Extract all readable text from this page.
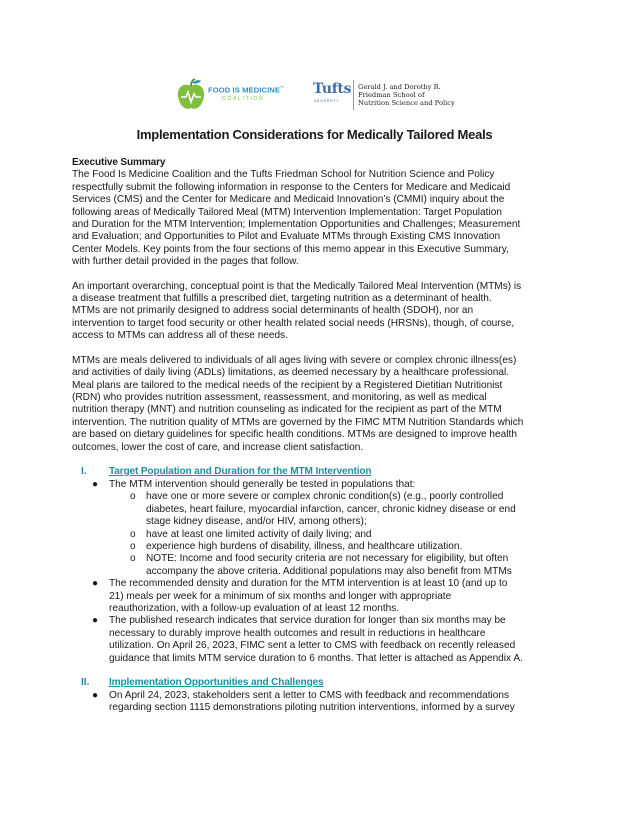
FOOD IS MEDICINE™
COALITION
Tufts
UNIVERSITY
Gerald J. and Dorothy R.
Friedman School of
Nutrition Science and Policy
Implementation Considerations for Medically Tailored Meals

Executive Summary

The Food Is Medicine Coalition and the Tufts Friedman School for Nutrition Science and Policy

respectfully submit the following information in response to the Centers for Medicare and Medicaid

Services (CMS) and the Center for Medicare and Medicaid Innovation’s (CMMI) inquiry about the

following areas of Medically Tailored Meal (MTM) Intervention Implementation: Target Population

and Duration for the MTM Intervention; Implementation Opportunities and Challenges; Measurement

and Evaluation; and Opportunities to Pilot and Evaluate MTMs through Existing CMS Innovation

Center Models. Key points from the four sections of this memo appear in this Executive Summary,

with further detail provided in the pages that follow.

An important overarching, conceptual point is that the Medically Tailored Meal Intervention (MTMs) is

a disease treatment that fulfills a prescribed diet, targeting nutrition as a determinant of health.

MTMs are not primarily designed to address social determinants of health (SDOH), nor an

intervention to target food security or other health related social needs (HRSNs), though, of course,

access to MTMs can address all of these needs.

MTMs are meals delivered to individuals of all ages living with severe or complex chronic illness(es)

and activities of daily living (ADLs) limitations, as deemed necessary by a healthcare professional.

Meal plans are tailored to the medical needs of the recipient by a Registered Dietitian Nutritionist

(RDN) who provides nutrition assessment, reassessment, and monitoring, as well as medical

nutrition therapy (MNT) and nutrition counseling as indicated for the recipient as part of the MTM

intervention. The nutrition quality of MTMs are governed by the FIMC MTM Nutrition Standards which

are based on dietary guidelines for specific health conditions. MTMs are designed to improve health

outcomes, lower the cost of care, and increase client satisfaction.

I. Target Population and Duration for the MTM Intervention
● The MTM intervention should generally be tested in populations that:

o have one or more severe or complex chronic condition(s) (e.g., poorly controlled

diabetes, heart failure, myocardial infarction, cancer, chronic kidney disease or end

stage kidney disease, and/or HIV, among others);

o have at least one limited activity of daily living; and

o experience high burdens of disability, illness, and healthcare utilization.

o NOTE: Income and food security criteria are not necessary for eligibility, but often

accompany the above criteria. Additional populations may also benefit from MTMs

● The recommended density and duration for the MTM intervention is at least 10 (and up to

21) meals per week for a minimum of six months and longer with appropriate

reauthorization, with a follow-up evaluation of at least 12 months.

● The published research indicates that service duration for longer than six months may be

necessary to durably improve health outcomes and result in reductions in healthcare

utilization. On April 26, 2023, FIMC sent a letter to CMS with feedback on recently released

guidance that limits MTM service duration to 6 months. That letter is attached as Appendix A.

II. Implementation Opportunities and Challenges
● On April 24, 2023, stakeholders sent a letter to CMS with feedback and recommendations

regarding section 1115 demonstrations piloting nutrition interventions, informed by a survey
